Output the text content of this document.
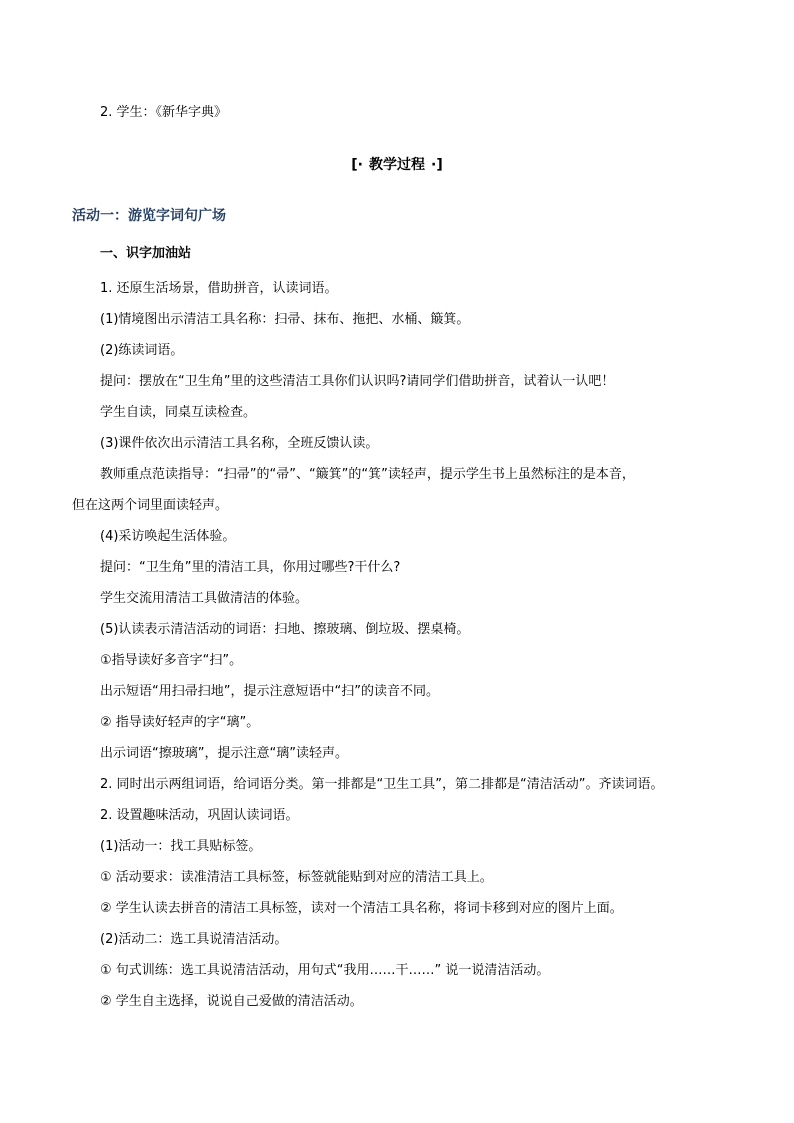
2. 学生：《新华字典》
[· 教学过程 ·]
活动一：游览字词句广场
一、识字加油站
1. 还原生活场景，借助拼音，认读词语。
(1)情境图出示清洁工具名称：扫帚、抹布、拖把、水桶、簸箕。
(2)练读词语。
提问：摆放在“卫生角”里的这些清洁工具你们认识吗?请同学们借助拼音，试着认一认吧！
学生自读，同桌互读检查。
(3)课件依次出示清洁工具名称，全班反馈认读。
教师重点范读指导：“扫帚”的“帚”、“簸箕”的“箕”读轻声，提示学生书上虽然标注的是本音，
但在这两个词里面读轻声。
(4)采访唤起生活体验。
提问：“卫生角”里的清洁工具，你用过哪些?干什么?
学生交流用清洁工具做清洁的体验。
(5)认读表示清洁活动的词语：扫地、擦玻璃、倒垃圾、摆桌椅。
①指导读好多音字“扫”。
出示短语“用扫帚扫地”，提示注意短语中“扫”的读音不同。
② 指导读好轻声的字“璃”。
出示词语“擦玻璃”，提示注意“璃”读轻声。
2. 同时出示两组词语，给词语分类。第一排都是“卫生工具”，第二排都是“清洁活动”。齐读词语。
2. 设置趣味活动，巩固认读词语。
(1)活动一：找工具贴标签。
① 活动要求：读准清洁工具标签，标签就能贴到对应的清洁工具上。
② 学生认读去拼音的清洁工具标签，读对一个清洁工具名称，将词卡移到对应的图片上面。
(2)活动二：选工具说清洁活动。
① 句式训练：选工具说清洁活动，用句式“我用……干……” 说一说清洁活动。
② 学生自主选择，说说自己爱做的清洁活动。
